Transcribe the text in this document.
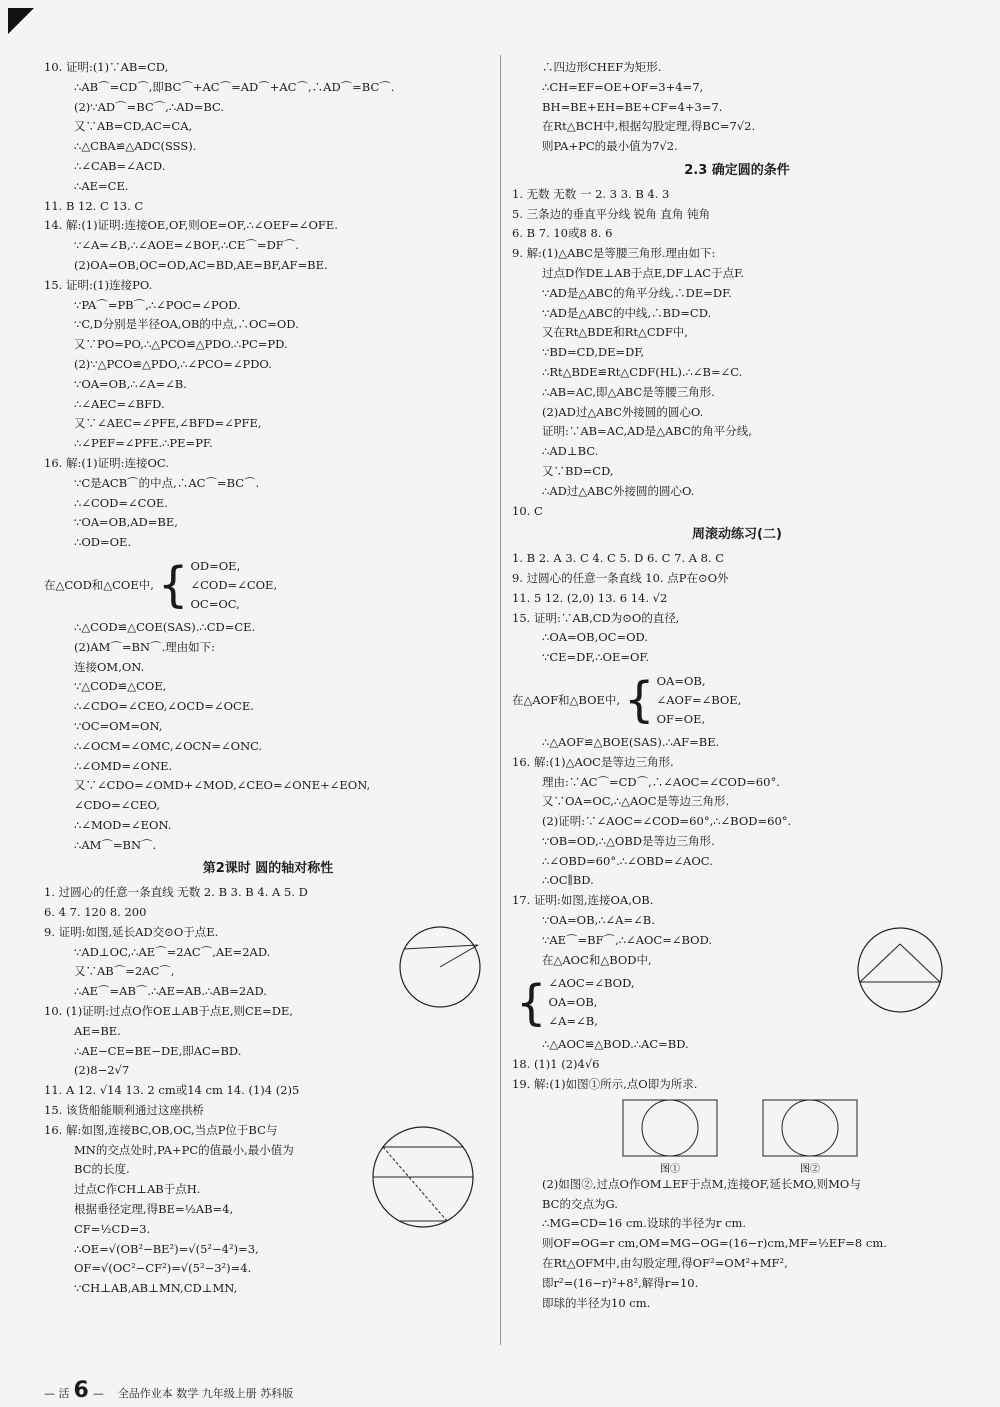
10. 证明:(1)∵AB=CD,
∴AB⌒=CD⌒,即BC⌒+AC⌒=AD⌒+AC⌒,∴AD⌒=BC⌒.
(2)∵AD⌒=BC⌒,∴AD=BC.
又∵AB=CD,AC=CA,
∴△CBA≌△ADC(SSS).
∴∠CAB=∠ACD.
∴AE=CE.
11. B 12. C 13. C
14. 解:(1)证明:连接OE,OF,则OE=OF,∴∠OEF=∠OFE.
∵∠A=∠B,∴∠AOE=∠BOF,∴CE⌒=DF⌒.
(2)OA=OB,OC=OD,AC=BD,AE=BF,AF=BE.
15. 证明:(1)连接PO.
∵PA⌒=PB⌒,∴∠POC=∠POD.
∵C,D分别是半径OA,OB的中点,∴OC=OD.
又∵PO=PO,∴△PCO≌△PDO.∴PC=PD.
(2)∵△PCO≌△PDO,∴∠PCO=∠PDO.
∵OA=OB,∴∠A=∠B.
∴∠AEC=∠BFD.
又∵∠AEC=∠PFE,∠BFD=∠PFE,
∴∠PEF=∠PFE.∴PE=PF.
16. 解:(1)证明:连接OC.
∵C是ACB⌒的中点,∴AC⌒=BC⌒.
∴∠COD=∠COE.
∵OA=OB,AD=BE,
∴OD=OE.
在△COD和△COE中, { OD=OE,
∠COD=∠COE,
OC=OC,
∴△COD≌△COE(SAS).∴CD=CE.
(2)AM⌒=BN⌒.理由如下:
连接OM,ON.
∵△COD≌△COE,
∴∠CDO=∠CEO,∠OCD=∠OCE.
∵OC=OM=ON,
∴∠OCM=∠OMC,∠OCN=∠ONC.
∴∠OMD=∠ONE.
又∵∠CDO=∠OMD+∠MOD,∠CEO=∠ONE+∠EON,
∠CDO=∠CEO,
∴∠MOD=∠EON.
∴AM⌒=BN⌒.
第2课时 圆的轴对称性
1. 过圆心的任意一条直线 无数 2. B 3. B 4. A 5. D
6. 4 7. 120 8. 200
9. 证明:如图,延长AD交⊙O于点E.
∵AD⊥OC,∴AE⌒=2AC⌒,AE=2AD.
又∵AB⌒=2AC⌒,
∴AE⌒=AB⌒.∴AE=AB.∴AB=2AD.
10. (1)证明:过点O作OE⊥AB于点E,则CE=DE,
AE=BE.
∴AE−CE=BE−DE,即AC=BD.
(2)8−2√7
11. A 12. √14 13. 2 cm或14 cm 14. (1)4 (2)5
15. 该货船能顺利通过这座拱桥
16. 解:如图,连接BC,OB,OC,当点P位于BC与
MN的交点处时,PA+PC的值最小,最小值为
BC的长度.
过点C作CH⊥AB于点H.
根据垂径定理,得BE=½AB=4,
CF=½CD=3.
∴OE=√(OB²−BE²)=√(5²−4²)=3,
OF=√(OC²−CF²)=√(5²−3²)=4.
∵CH⊥AB,AB⊥MN,CD⊥MN,
∴四边形CHEF为矩形.
∴CH=EF=OE+OF=3+4=7,
BH=BE+EH=BE+CF=4+3=7.
在Rt△BCH中,根据勾股定理,得BC=7√2.
则PA+PC的最小值为7√2.
2.3 确定圆的条件
1. 无数 无数 一 2. 3 3. B 4. 3
5. 三条边的垂直平分线 锐角 直角 钝角
6. B 7. 10或8 8. 6
9. 解:(1)△ABC是等腰三角形.理由如下:
过点D作DE⊥AB于点E,DF⊥AC于点F.
∵AD是△ABC的角平分线,∴DE=DF.
∵AD是△ABC的中线,∴BD=CD.
又在Rt△BDE和Rt△CDF中,
∵BD=CD,DE=DF,
∴Rt△BDE≌Rt△CDF(HL).∴∠B=∠C.
∴AB=AC,即△ABC是等腰三角形.
(2)AD过△ABC外接圆的圆心O.
证明:∵AB=AC,AD是△ABC的角平分线,
∴AD⊥BC.
又∵BD=CD,
∴AD过△ABC外接圆的圆心O.
10. C
周滚动练习(二)
1. B 2. A 3. C 4. C 5. D 6. C 7. A 8. C
9. 过圆心的任意一条直线 10. 点P在⊙O外
11. 5 12. (2,0) 13. 6 14. √2
15. 证明:∵AB,CD为⊙O的直径,
∴OA=OB,OC=OD.
∵CE=DF,∴OE=OF.
在△AOF和△BOE中, { OA=OB,
∠AOF=∠BOE,
OF=OE,
∴△AOF≌△BOE(SAS).∴AF=BE.
16. 解:(1)△AOC是等边三角形.
理由:∵AC⌒=CD⌒,∴∠AOC=∠COD=60°.
又∵OA=OC,∴△AOC是等边三角形.
(2)证明:∵∠AOC=∠COD=60°,∴∠BOD=60°.
∵OB=OD,∴△OBD是等边三角形.
∴∠OBD=60°.∴∠OBD=∠AOC.
∴OC∥BD.
17. 证明:如图,连接OA,OB.
∵OA=OB,∴∠A=∠B.
∵AE⌒=BF⌒,∴∠AOC=∠BOD.
在△AOC和△BOD中,
{ ∠AOC=∠BOD,
OA=OB,
∠A=∠B,
∴△AOC≌△BOD.∴AC=BD.
18. (1)1 (2)4√6
19. 解:(1)如图①所示,点O即为所求.
(2)如图②,过点O作OM⊥EF于点M,连接OF,延长MO,则MO与
BC的交点为G.
∴MG=CD=16 cm.设球的半径为r cm.
则OF=OG=r cm,OM=MG−OG=(16−r)cm,MF=½EF=8 cm.
在Rt△OFM中,由勾股定理,得OF²=OM²+MF²,
即r²=(16−r)²+8²,解得r=10.
即球的半径为10 cm.
图①	图②
— 活 6 — 全品作业本 数学 九年级上册 苏科版
